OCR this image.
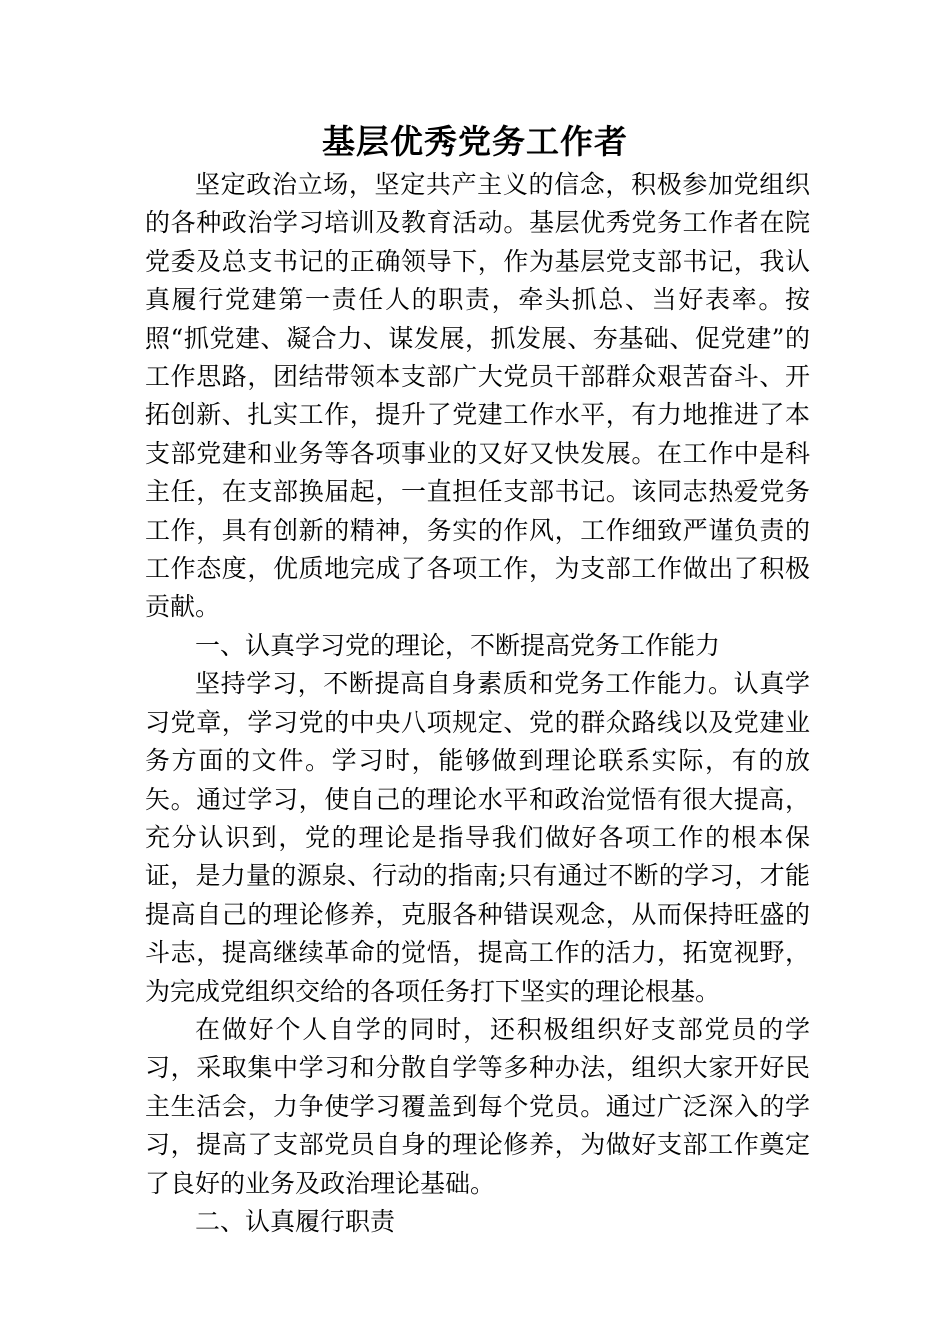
基层优秀党务工作者

坚定政治立场，坚定共产主义的信念，积极参加党组织的各种政治学习培训及教育活动。基层优秀党务工作者在院党委及总支书记的正确领导下，作为基层党支部书记，我认真履行党建第一责任人的职责，牵头抓总、当好表率。按照“抓党建、凝合力、谋发展，抓发展、夯基础、促党建”的工作思路，团结带领本支部广大党员干部群众艰苦奋斗、开拓创新、扎实工作，提升了党建工作水平，有力地推进了本支部党建和业务等各项事业的又好又快发展。在工作中是科主任，在支部换届起，一直担任支部书记。该同志热爱党务工作，具有创新的精神，务实的作风，工作细致严谨负责的工作态度，优质地完成了各项工作，为支部工作做出了积极贡献。

一、认真学习党的理论，不断提高党务工作能力

坚持学习，不断提高自身素质和党务工作能力。认真学习党章，学习党的中央八项规定、党的群众路线以及党建业务方面的文件。学习时，能够做到理论联系实际，有的放矢。通过学习，使自己的理论水平和政治觉悟有很大提高，充分认识到，党的理论是指导我们做好各项工作的根本保证，是力量的源泉、行动的指南;只有通过不断的学习，才能提高自己的理论修养，克服各种错误观念，从而保持旺盛的斗志，提高继续革命的觉悟，提高工作的活力，拓宽视野，为完成党组织交给的各项任务打下坚实的理论根基。

在做好个人自学的同时，还积极组织好支部党员的学习，采取集中学习和分散自学等多种办法，组织大家开好民主生活会，力争使学习覆盖到每个党员。通过广泛深入的学习，提高了支部党员自身的理论修养，为做好支部工作奠定了良好的业务及政治理论基础。

二、认真履行职责
